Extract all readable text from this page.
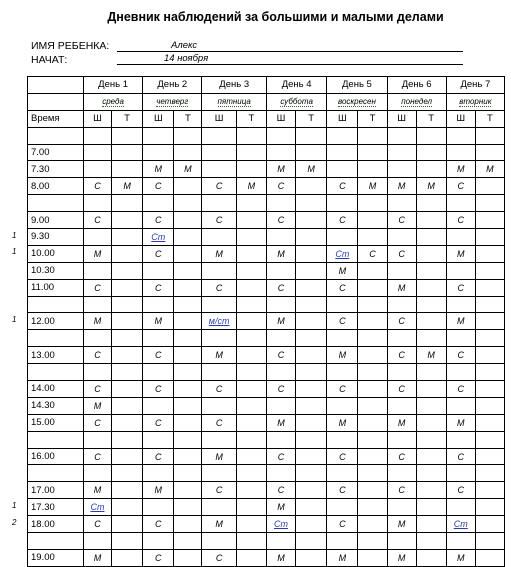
Дневник наблюдений за большими и малыми делами
ИМЯ РЕБЕНКА:	Алекс
НАЧАТ:	14 ноября
1
1
1
1
2
	День 1		День 2		День 3		День 4		День 5		День 6		День 7	
	среда		четверг		пятница		суббота		воскресен		понедел		вторник	
Время	Ш	Т	Ш	Т	Ш	Т	Ш	Т	Ш	Т	Ш	Т	Ш	Т

7.00														
7.30			М	М			М	М					М	М
8.00	С	М	С		С	М	С		С	М	М	М	С	

9.00	С		С		С		С		С		С		С	
9.30			Ст											
10.00	М		С		М		М		Ст	С	С		М	
10.30									М					
11.00	С		С		С		С		С		М		С	

12.00	М		М		м/ст		М		С		С		М	

13.00	С		С		М		С		М		С	М	С	

14.00	С		С		С		С		С		С		С	
14.30	М													
15.00	С		С		С		М		М		М		М	

16.00	С		С		М		С		С		С		С	

17.00	М		М		С		С		С		С		С	
17.30	Ст						М							
18.00	С		С		М		Ст		С		М		Ст	

19.00	М		С		С		М		М		М		М	
